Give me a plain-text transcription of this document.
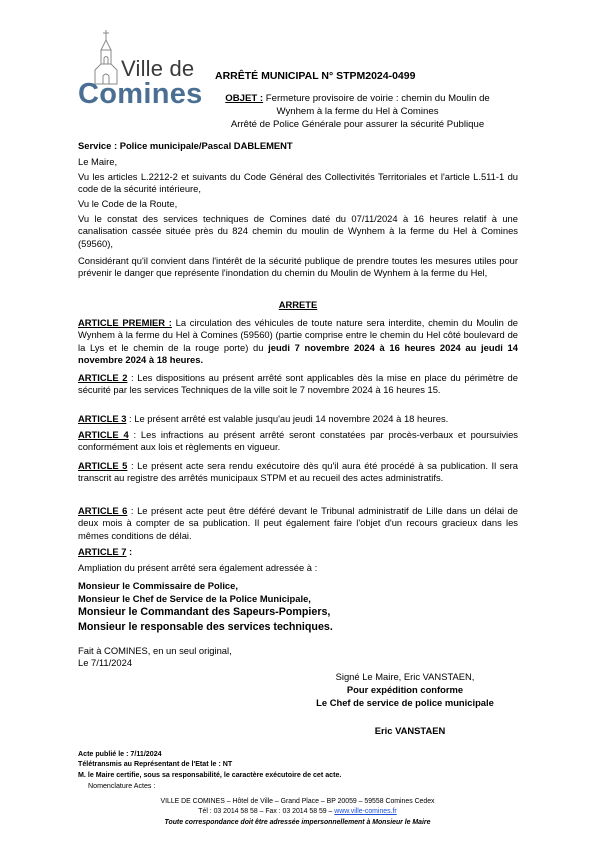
Ville de
Comines
ARRÊTÉ MUNICIPAL N° STPM2024-0499
OBJET : Fermeture provisoire de voirie : chemin du Moulin de
Wynhem à la ferme du Hel à Comines
Arrêté de Police Générale pour assurer la sécurité Publique
Service : Police municipale/Pascal DABLEMENT
Le Maire,
Vu les articles L.2212-2 et suivants du Code Général des Collectivités Territoriales et l'article L.511-1 du code de la sécurité intérieure,
Vu le Code de la Route,
Vu le constat des services techniques de Comines daté du 07/11/2024 à 16 heures relatif à une canalisation cassée située près du 824 chemin du moulin de Wynhem à la ferme du Hel à Comines (59560),
Considérant qu'il convient dans l'intérêt de la sécurité publique de prendre toutes les mesures utiles pour prévenir le danger que représente l'inondation du chemin du Moulin de Wynhem à la ferme du Hel,
ARRETE
ARTICLE PREMIER : La circulation des véhicules de toute nature sera interdite, chemin du Moulin de Wynhem à la ferme du Hel à Comines (59560) (partie comprise entre le chemin du Hel côté boulevard de la Lys et le chemin de la rouge porte) du jeudi 7 novembre 2024 à 16 heures 2024 au jeudi 14 novembre 2024 à 18 heures.
ARTICLE 2 : Les dispositions au présent arrêté sont applicables dès la mise en place du périmètre de sécurité par les services Techniques de la ville soit le 7 novembre 2024 à 16 heures 15.
ARTICLE 3 : Le présent arrêté est valable jusqu'au jeudi 14 novembre 2024 à 18 heures.
ARTICLE 4 : Les infractions au présent arrêté seront constatées par procès-verbaux et poursuivies conformément aux lois et règlements en vigueur.
ARTICLE 5 : Le présent acte sera rendu exécutoire dès qu'il aura été procédé à sa publication. Il sera transcrit au registre des arrêtés municipaux STPM et au recueil des actes administratifs.
ARTICLE 6 : Le présent acte peut être déféré devant le Tribunal administratif de Lille dans un délai de deux mois à compter de sa publication. Il peut également faire l'objet d'un recours gracieux dans les mêmes conditions de délai.
ARTICLE 7 :
Ampliation du présent arrêté sera également adressée à :
Monsieur le Commissaire de Police,
Monsieur le Chef de Service de la Police Municipale,
Monsieur le Commandant des Sapeurs-Pompiers,
Monsieur le responsable des services techniques.
Fait à COMINES, en un seul original,
Le 7/11/2024
Signé Le Maire, Eric VANSTAEN,
Pour expédition conforme
Le Chef de service de police municipale
Eric VANSTAEN
Acte publié le : 7/11/2024
Télétransmis au Représentant de l'Etat le : NT
M. le Maire certifie, sous sa responsabilité, le caractère exécutoire de cet acte.
Nomenclature Actes :
VILLE DE COMINES – Hôtel de Ville – Grand Place – BP 20059 – 59558 Comines Cedex
Tél : 03 2014 58 58 – Fax : 03 2014 58 59 – www.ville-comines.fr
Toute correspondance doit être adressée impersonnellement à Monsieur le Maire
